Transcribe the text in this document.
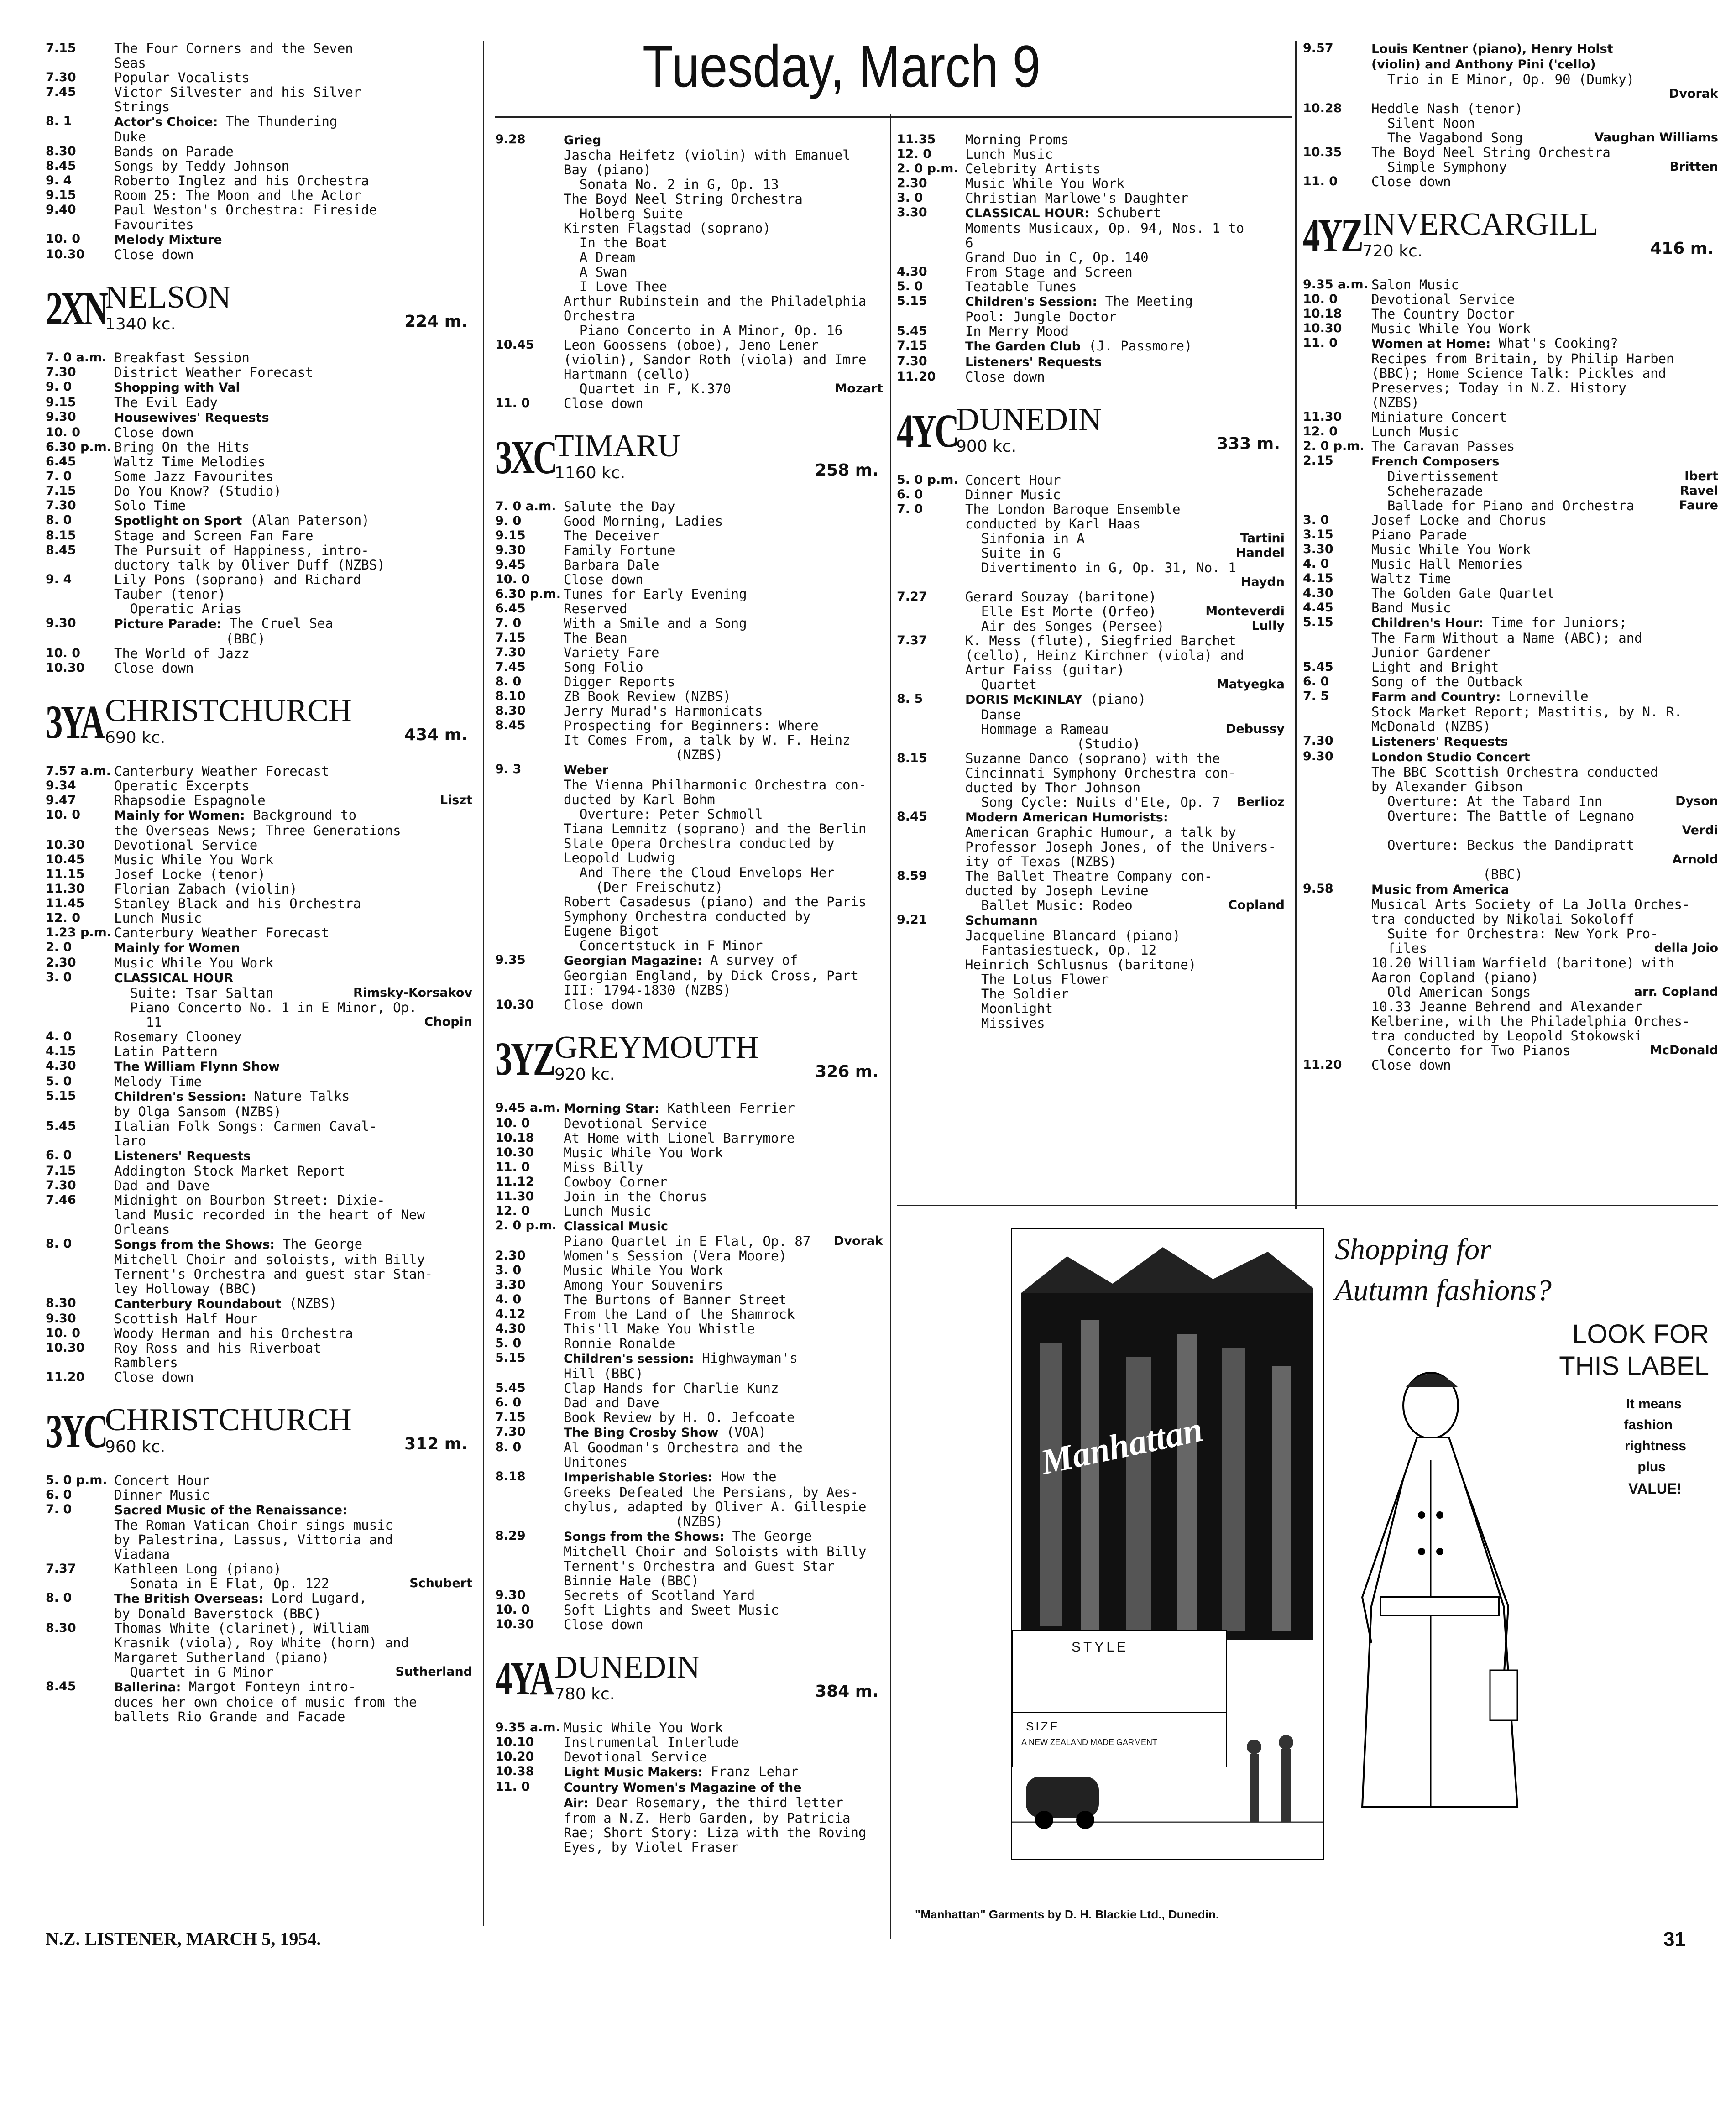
Tuesday, March 9
7.15	The Four Corners and the Seven
Seas
7.30	Popular Vocalists
7.45	Victor Silvester and his Silver
Strings
8. 1	Actor's Choice: The Thundering
Duke
8.30	Bands on Parade
8.45	Songs by Teddy Johnson
9. 4	Roberto Inglez and his Orchestra
9.15	Room 25: The Moon and the Actor
9.40	Paul Weston's Orchestra: Fireside
Favourites
10. 0	Melody Mixture
10.30	Close down
2XN
NELSON
1340 kc.	224 m.
7. 0 a.m. Breakfast Session
7.30	District Weather Forecast
9. 0	Shopping with Val
9.15	The Evil Eady
9.30	Housewives' Requests
10. 0	Close down
6.30 p.m. Bring On the Hits
6.45	Waltz Time Melodies
7. 0	Some Jazz Favourites
7.15	Do You Know? (Studio)
7.30	Solo Time
8. 0	Spotlight on Sport (Alan Paterson)
8.15	Stage and Screen Fan Fare
8.45	The Pursuit of Happiness, intro-
ductory talk by Oliver Duff (NZBS)
9. 4	Lily Pons (soprano) and Richard
Tauber (tenor)
Operatic Arias
9.30	Picture Parade: The Cruel Sea
(BBC)
10. 0	The World of Jazz
10.30	Close down
3YA CHRISTCHURCH
690 kc.	434 m.
7.57 a.m. Canterbury Weather Forecast
9.34	Operatic Excerpts
9.47	Rhapsodie Espagnole	Liszt
10. 0	Mainly for Women: Background to
the Overseas News; Three Generations
10.30	Devotional Service
10.45	Music While You Work
11.15	Josef Locke (tenor)
11.30	Florian Zabach (violin)
11.45	Stanley Black and his Orchestra
12. 0	Lunch Music
1.23 p.m. Canterbury Weather Forecast
2. 0	Mainly for Women
2.30	Music While You Work
3. 0	CLASSICAL HOUR
Suite: Tsar Saltan	Rimsky-Korsakov
Piano Concerto No. 1 in E Minor, Op.
11	Chopin
4. 0	Rosemary Clooney
4.15	Latin Pattern
4.30	The William Flynn Show
5. 0	Melody Time
5.15	Children's Session: Nature Talks
by Olga Sansom (NZBS)
5.45	Italian Folk Songs: Carmen Caval-
laro
6. 0	Listeners' Requests
7.15	Addington Stock Market Report
7.30	Dad and Dave
7.46	Midnight on Bourbon Street: Dixie-
land Music recorded in the heart of New
Orleans
8. 0	Songs from the Shows: The George
Mitchell Choir and soloists, with Billy
Ternent's Orchestra and guest star Stan-
ley Holloway (BBC)
8.30	Canterbury Roundabout (NZBS)
9.30	Scottish Half Hour
10. 0	Woody Herman and his Orchestra
10.30	Roy Ross and his Riverboat
Ramblers
11.20	Close down
3YC
CHRISTCHURCH
960 kc.	312 m.
5. 0 p.m. Concert Hour
6. 0	Dinner Music
7. 0	Sacred Music of the Renaissance:
The Roman Vatican Choir sings music
by Palestrina, Lassus, Vittoria and
Viadana
7.37	Kathleen Long (piano)
Sonata in E Flat, Op. 122	Schubert
8. 0	The British Overseas: Lord Lugard,
by Donald Baverstock (BBC)
8.30	Thomas White (clarinet), William
Krasnik (viola), Roy White (horn) and
Margaret Sutherland (piano)
Quartet in G Minor	Sutherland
8.45	Ballerina: Margot Fonteyn intro-
duces her own choice of music from the
ballets Rio Grande and Facade
9.28	Grieg
Jascha Heifetz (violin) with Emanuel
Bay (piano)
Sonata No. 2 in G, Op. 13
The Boyd Neel String Orchestra
Holberg Suite
Kirsten Flagstad (soprano)
In the Boat
A Dream
A Swan
I Love Thee
Arthur Rubinstein and the Philadelphia
Orchestra
Piano Concerto in A Minor, Op. 16
10.45	Leon Goossens (oboe), Jeno Lener
(violin), Sandor Roth (viola) and Imre
Hartmann (cello)
Quartet in F, K.370	Mozart
11. 0	Close down
3XC
TIMARU
1160 kc.	258 m.
7. 0 a.m. Salute the Day
9. 0	Good Morning, Ladies
9.15	The Deceiver
9.30	Family Fortune
9.45	Barbara Dale
10. 0	Close down
6.30 p.m. Tunes for Early Evening
6.45	Reserved
7. 0	With a Smile and a Song
7.15	The Bean
7.30	Variety Fare
7.45	Song Folio
8. 0	Digger Reports
8.10	ZB Book Review (NZBS)
8.30	Jerry Murad's Harmonicats
8.45	Prospecting for Beginners: Where
It Comes From, a talk by W. F. Heinz
(NZBS)
9. 3	Weber
The Vienna Philharmonic Orchestra con-
ducted by Karl Bohm
Overture: Peter Schmoll
Tiana Lemnitz (soprano) and the Berlin
State Opera Orchestra conducted by
Leopold Ludwig
And There the Cloud Envelops Her
(Der Freischutz)
Robert Casadesus (piano) and the Paris
Symphony Orchestra conducted by
Eugene Bigot
Concertstuck in F Minor
9.35	Georgian Magazine: A survey of
Georgian England, by Dick Cross, Part
III: 1794-1830 (NZBS)
10.30	Close down
3YZ GREYMOUTH
920 kc.	326 m.
9.45 a.m. Morning Star: Kathleen Ferrier
10. 0	Devotional Service
10.18	At Home with Lionel Barrymore
10.30	Music While You Work
11. 0	Miss Billy
11.12	Cowboy Corner
11.30	Join in the Chorus
12. 0	Lunch Music
2. 0 p.m. Classical Music
Piano Quartet in E Flat, Op. 87	Dvorak
2.30	Women's Session (Vera Moore)
3. 0	Music While You Work
3.30	Among Your Souvenirs
4. 0	The Burtons of Banner Street
4.12	From the Land of the Shamrock
4.30	This'll Make You Whistle
5. 0	Ronnie Ronalde
5.15	Children's session: Highwayman's
Hill (BBC)
5.45	Clap Hands for Charlie Kunz
6. 0	Dad and Dave
7.15	Book Review by H. O. Jefcoate
7.30	The Bing Crosby Show (VOA)
8. 0	Al Goodman's Orchestra and the
Unitones
8.18	Imperishable Stories: How the
Greeks Defeated the Persians, by Aes-
chylus, adapted by Oliver A. Gillespie
(NZBS)
8.29	Songs from the Shows: The George
Mitchell Choir and Soloists with Billy
Ternent's Orchestra and Guest Star
Binnie Hale (BBC)
9.30	Secrets of Scotland Yard
10. 0	Soft Lights and Sweet Music
10.30	Close down
4YA DUNEDIN
780 kc.	384 m.
9.35 a.m. Music While You Work
10.10	Instrumental Interlude
10.20	Devotional Service
10.38	Light Music Makers: Franz Lehar
11. 0	Country Women's Magazine of the
Air: Dear Rosemary, the third letter
from a N.Z. Herb Garden, by Patricia
Rae; Short Story: Liza with the Roving
Eyes, by Violet Fraser
11.35	Morning Proms
12. 0	Lunch Music
2. 0 p.m. Celebrity Artists
2.30	Music While You Work
3. 0	Christian Marlowe's Daughter
3.30	CLASSICAL HOUR: Schubert
Moments Musicaux, Op. 94, Nos. 1 to
6
Grand Duo in C, Op. 140
4.30	From Stage and Screen
5. 0	Teatable Tunes
5.15	Children's Session: The Meeting
Pool: Jungle Doctor
5.45	In Merry Mood
7.15	The Garden Club (J. Passmore)
7.30	Listeners' Requests
11.20	Close down
4YC
DUNEDIN
900 kc.	333 m.
5. 0 p.m. Concert Hour
6. 0	Dinner Music
7. 0	The London Baroque Ensemble
conducted by Karl Haas
Sinfonia in A	Tartini
Suite in G	Handel
Divertimento in G, Op. 31, No. 1
Haydn
7.27	Gerard Souzay (baritone)
Elle Est Morte (Orfeo)	Monteverdi
Air des Songes (Persee)	Lully
7.37	K. Mess (flute), Siegfried Barchet
(cello), Heinz Kirchner (viola) and
Artur Faiss (guitar)
Quartet	Matyegka
8. 5	DORIS McKINLAY (piano)
Danse
Hommage a Rameau	Debussy
(Studio)
8.15	Suzanne Danco (soprano) with the
Cincinnati Symphony Orchestra con-
ducted by Thor Johnson
Song Cycle: Nuits d'Ete, Op. 7	Berlioz
8.45	Modern American Humorists:
American Graphic Humour, a talk by
Professor Joseph Jones, of the Univers-
ity of Texas (NZBS)
8.59	The Ballet Theatre Company con-
ducted by Joseph Levine
Ballet Music: Rodeo	Copland
9.21	Schumann
Jacqueline Blancard (piano)
Fantasiestueck, Op. 12
Heinrich Schlusnus (baritone)
The Lotus Flower
The Soldier
Moonlight
Missives
9.57	Louis Kentner (piano), Henry Holst
(violin) and Anthony Pini ('cello)
Trio in E Minor, Op. 90 (Dumky)
Dvorak
10.28	Heddle Nash (tenor)
Silent Noon
The Vagabond Song	Vaughan Williams
10.35	The Boyd Neel String Orchestra
Simple Symphony	Britten
11. 0	Close down
4YZ INVERCARGILL
720 kc.	416 m.
9.35 a.m. Salon Music
10. 0	Devotional Service
10.18	The Country Doctor
10.30	Music While You Work
11. 0	Women at Home: What's Cooking?
Recipes from Britain, by Philip Harben
(BBC); Home Science Talk: Pickles and
Preserves; Today in N.Z. History
(NZBS)
11.30	Miniature Concert
12. 0	Lunch Music
2. 0 p.m. The Caravan Passes
2.15	French Composers
Divertissement	Ibert
Scheherazade	Ravel
Ballade for Piano and Orchestra	Faure
3. 0	Josef Locke and Chorus
3.15	Piano Parade
3.30	Music While You Work
4. 0	Music Hall Memories
4.15	Waltz Time
4.30	The Golden Gate Quartet
4.45	Band Music
5.15	Children's Hour: Time for Juniors;
The Farm Without a Name (ABC); and
Junior Gardener
5.45	Light and Bright
6. 0	Song of the Outback
7. 5	Farm and Country: Lorneville
Stock Market Report; Mastitis, by N. R.
McDonald (NZBS)
7.30	Listeners' Requests
9.30	London Studio Concert
The BBC Scottish Orchestra conducted
by Alexander Gibson
Overture: At the Tabard Inn	Dyson
Overture: The Battle of Legnano
Verdi
Overture: Beckus the Dandipratt
Arnold
(BBC)
9.58	Music from America
Musical Arts Society of La Jolla Orches-
tra conducted by Nikolai Sokoloff
Suite for Orchestra: New York Pro-
files	della Joio
10.20 William Warfield (baritone) with
Aaron Copland (piano)
Old American Songs	arr. Copland
10.33 Jeanne Behrend and Alexander
Kelberine, with the Philadelphia Orches-
tra conducted by Leopold Stokowski
Concerto for Two Pianos	McDonald
11.20	Close down
Manhattan
STYLE
SIZE
A NEW ZEALAND MADE GARMENT
Shopping for
Autumn fashions?
LOOK FOR
THIS LABEL
It means
fashion
rightness
plus
VALUE!
"Manhattan" Garments by D. H. Blackie Ltd., Dunedin.
N.Z. LISTENER, MARCH 5, 1954.	31
